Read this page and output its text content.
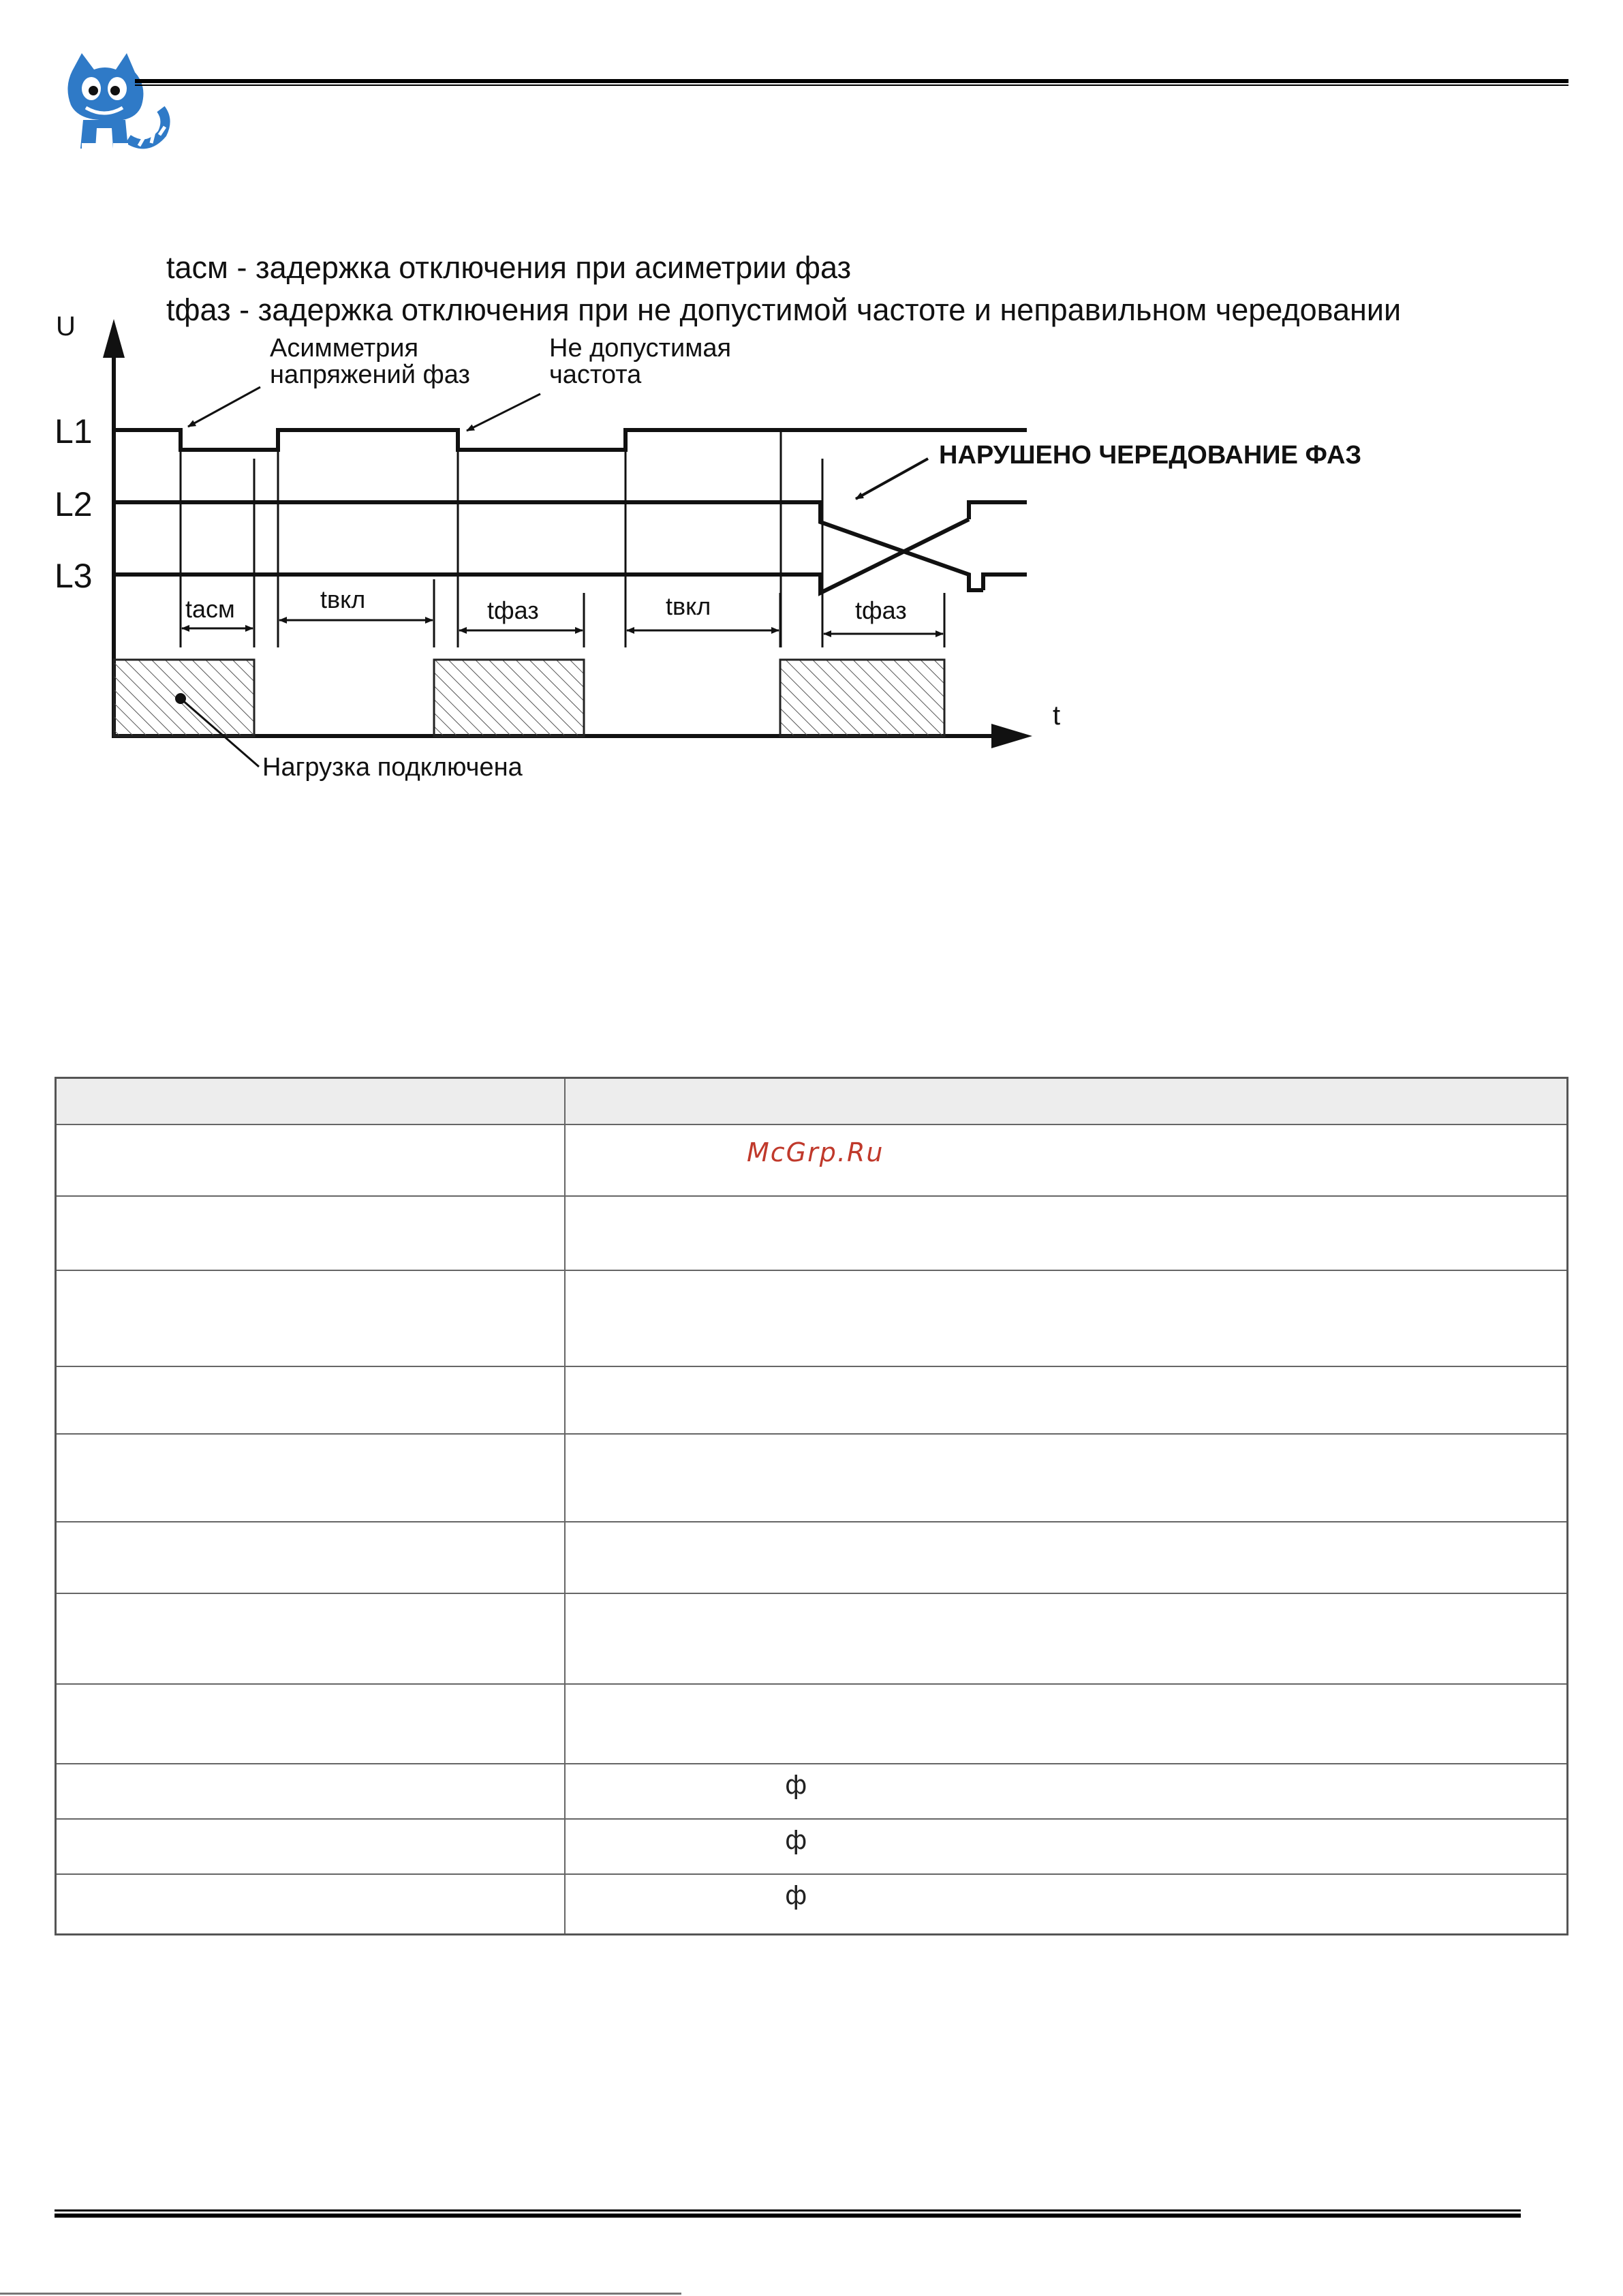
tасм - задержка отключения при асиметрии фаз
tфаз - задержка отключения при не допустимой частоте и неправильном чередовании
U
t
L1
L2
L3
tасм	tвкл	tфаз	tвкл	tфаз
Асимметрия
напряжений фаз
Не допустимая
частота
НАРУШЕНО ЧЕРЕДОВАНИЕ ФАЗ
Нагрузка подключена

	McGrp.Ru

	ф
	ф
	ф
